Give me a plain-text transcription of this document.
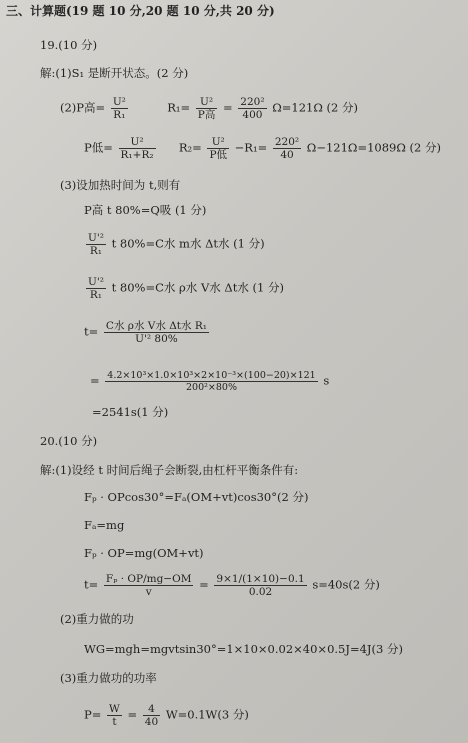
三、计算题(19 题 10 分,20 题 10 分,共 20 分)
19.(10 分)
解:(1)S₁ 是断开状态。(2 分)
(2)P高= $\frac{\text{U²}}{\text{R₁}}$	$R_1= \frac{\text{U²}}{\text{P高}} = \frac{\text{220²}}{400} \Omega=121\Omega$ (2 分)
P低= $\frac{\text{U²}}{\text{R₁+R₂}} R_2= \frac{\text{U²}}{\text{P低}} -R_1= \frac{\text{220²}}{40} \Omega-121\Omega=1089\Omega$ (2 分)
(3)设加热时间为 t,则有
P高 t 80%=Q吸 (1 分)
$\frac{\text{U'²}}{\text{R₁}}$ t 80%=C水 m水 Δt水 (1 分)
$\frac{\text{U'²}}{\text{R₁}}$ t 80%=C水 ρ水 V水 Δt水 (1 分)
$t= \frac{\text{C水 ρ水 V水 Δt水 R₁}}{\text{U'² 80\%}}$
= $\frac{\text{4.2×10³×1.0×10³×2×10⁻³×(100−20)×121}}{\text{200²×80\%}}$ s
=2541s(1 分)
20.(10 分)
解:(1)设经 t 时间后绳子会断裂,由杠杆平衡条件有:
Fₚ · OPcos30°=Fₐ(OM+vt)cos30°(2 分)
Fₐ=mg
Fₚ · OP=mg(OM+vt)
$t= \frac{\text{Fₚ · OP/mg−OM}}{v} = \frac{9\times 1/(1\times 10)-0.1}{0.02} s=40s(2$ 分)
(2)重力做的功
WG=mgh=mgvtsin30°=1×10×0.02×40×0.5J=4J(3 分)
(3)重力做功的功率
$P= \frac{W}{t} = \frac{4}{40} W=0.1W(3$ 分)
